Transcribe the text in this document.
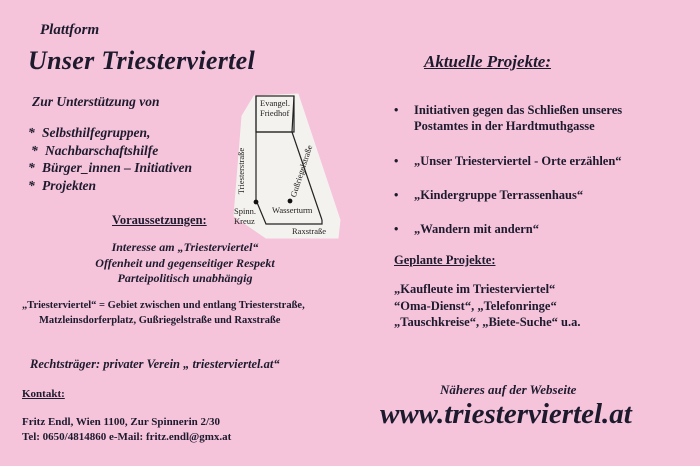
Plattform
Unser Triesterviertel
Zur Unterstützung von
* Selbsthilfegruppen,
* Nachbarschaftshilfe
* Bürger_innen – Initiativen
* Projekten
Voraussetzungen:
Interesse am „Triesterviertel“
Offenheit und gegenseitiger Respekt
Parteipolitisch unabhängig
„Triesterviertel“ = Gebiet zwischen und entlang Triesterstraße,
Matzleinsdorferplatz, Gußriegelstraße und Raxstraße
Rechtsträger: privater Verein „ triesterviertel.at“
Kontakt:
Fritz Endl, Wien 1100, Zur Spinnerin 2/30
Tel: 0650/4814860 e-Mail: fritz.endl@gmx.at
Evangel.
Friedhof
Triesterstraße	Gußriegelstraße
Spinn.
Kreuz
Wasserturm
Raxstraße
Aktuelle Projekte:
• Initiativen gegen das Schließen unseres
Postamtes in der Hardtmuthgasse
• „Unser Triesterviertel - Orte erzählen“
• „Kindergruppe Terrassenhaus“
• „Wandern mit andern“
Geplante Projekte:
„Kaufleute im Triesterviertel“
“Oma-Dienst“, „Telefonringe“
„Tauschkreise“, „Biete-Suche“ u.a.
Näheres auf der Webseite
www.triesterviertel.at
